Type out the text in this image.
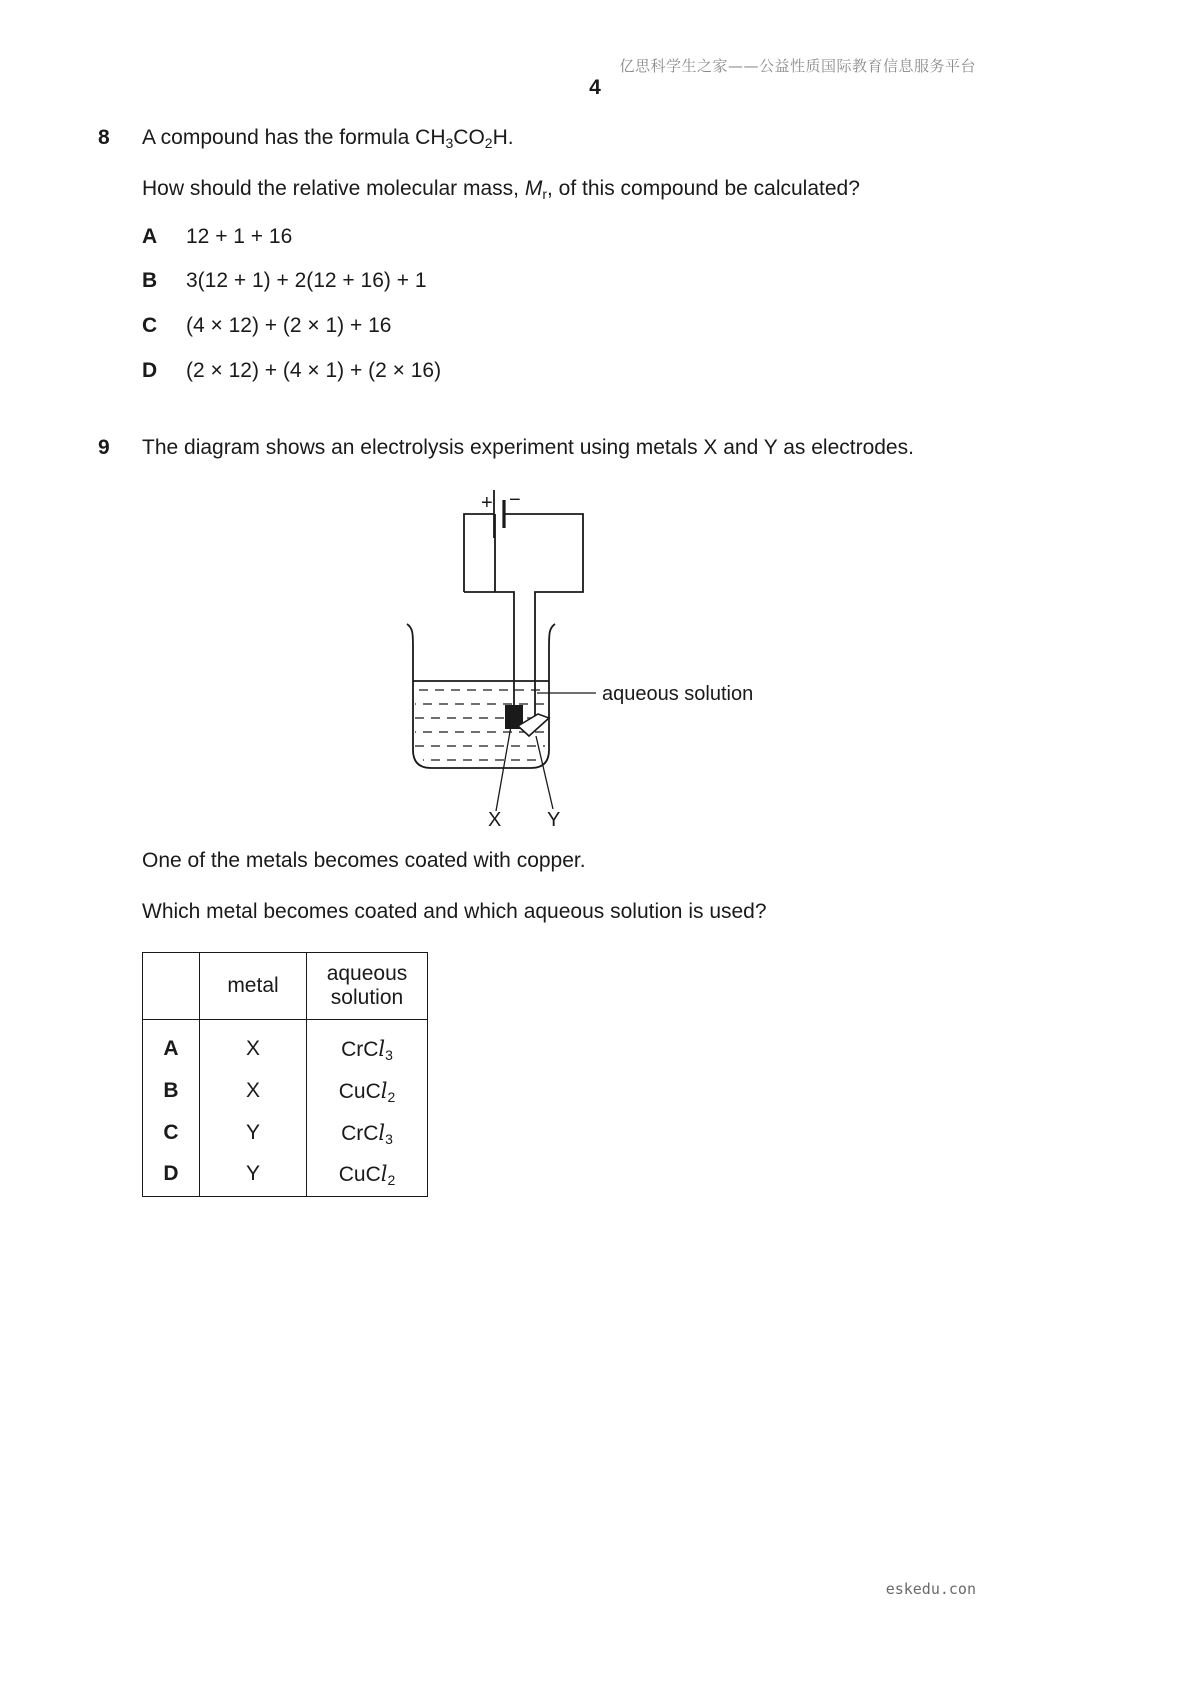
亿思科学生之家——公益性质国际教育信息服务平台
4
8 A compound has the formula $CH_3CO_2H$.
How should the relative molecular mass, $M_r$, of this compound be calculated?
A 12 + 1 + 16
B 3(12 + 1) + 2(12 + 16) + 1
C (4 × 12) + (2 × 1) + 16
D (2 × 12) + (4 × 1) + (2 × 16)
9 The diagram shows an electrolysis experiment using metals X and Y as electrodes.
+ −
aqueous solution
X Y
One of the metals becomes coated with copper.
Which metal becomes coated and which aqueous solution is used?
	metal	aqueous
solution
A	X	CrCl$_3$
B	X	CuCl$_2$
C	Y	CrCl$_3$
D	Y	CuCl$_2$
eskedu.con
